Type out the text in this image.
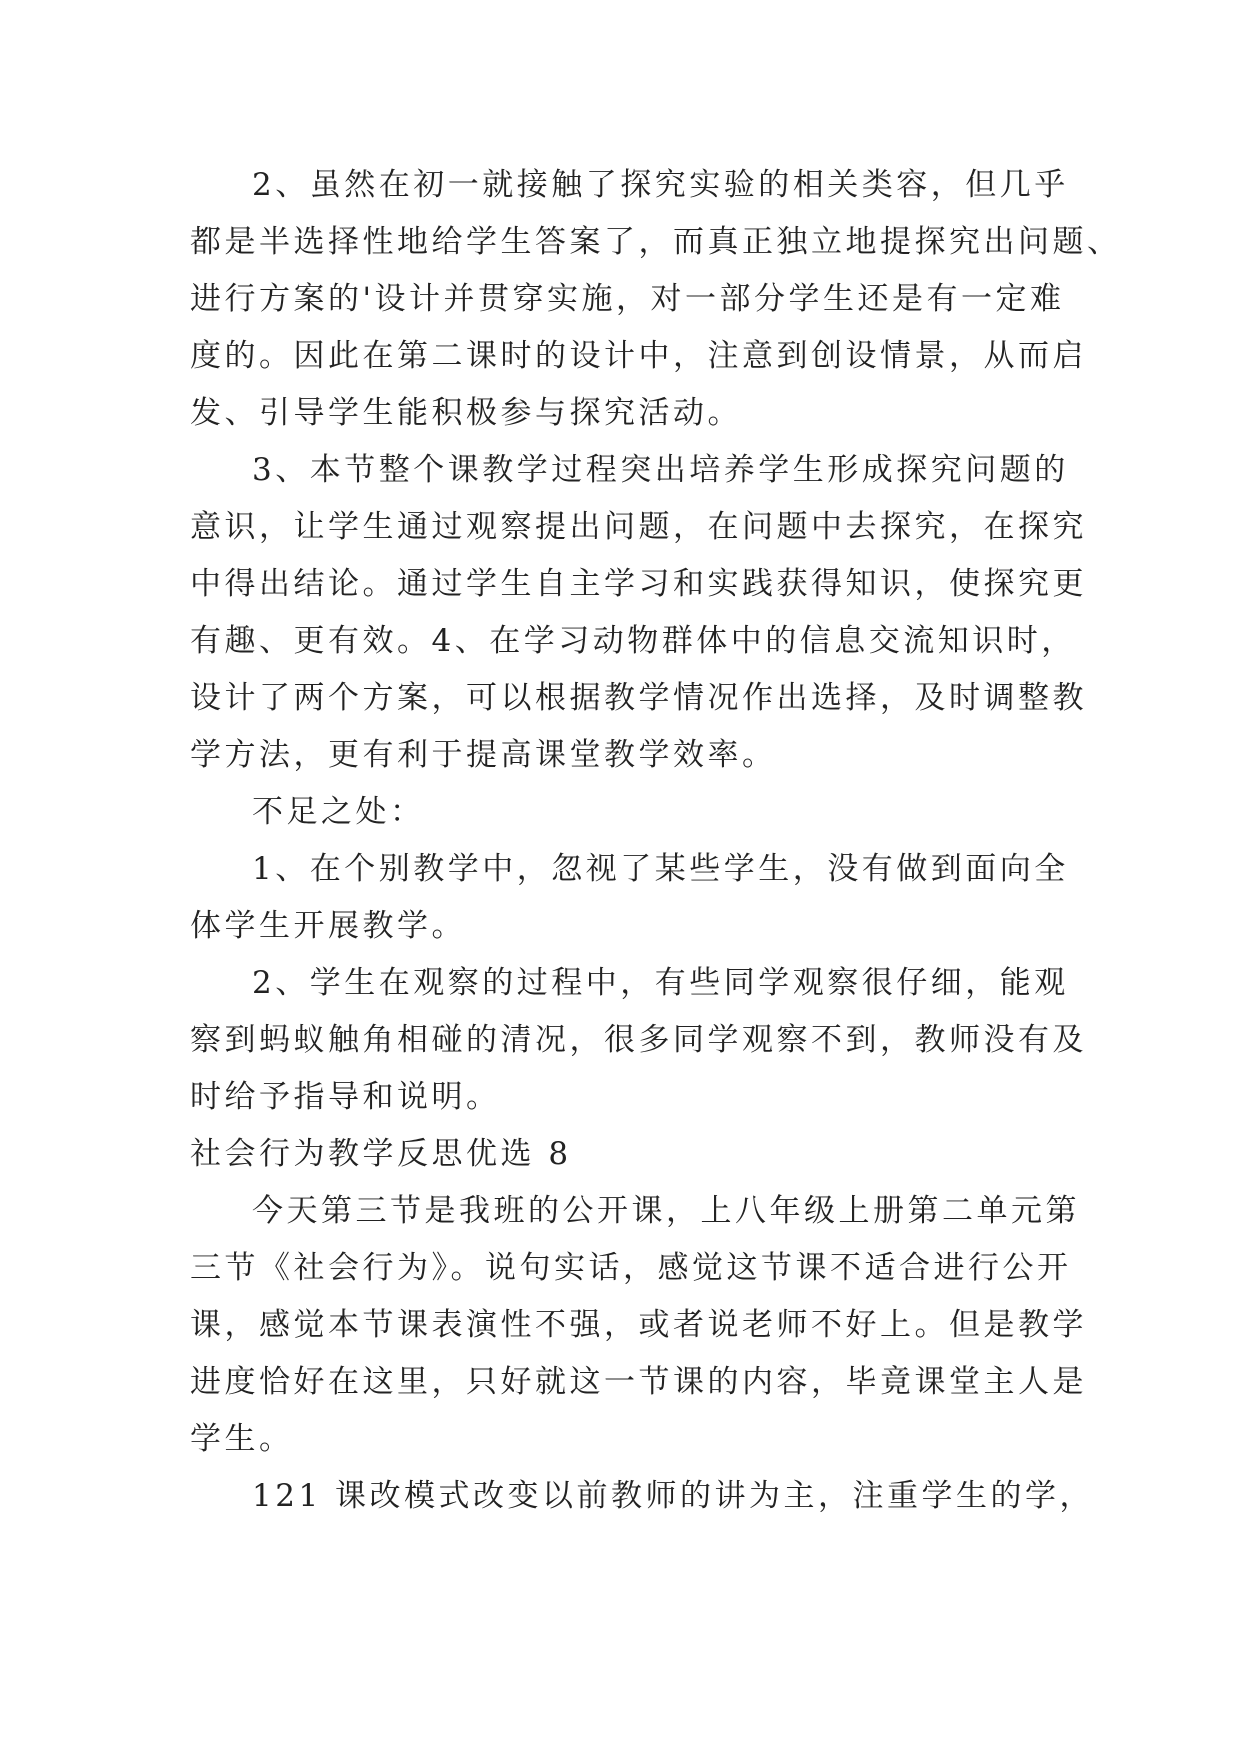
2、虽然在初一就接触了探究实验的相关类容，但几乎
都是半选择性地给学生答案了，而真正独立地提探究出问题、
进行方案的'设计并贯穿实施，对一部分学生还是有一定难
度的。因此在第二课时的设计中，注意到创设情景，从而启
发、引导学生能积极参与探究活动。
3、本节整个课教学过程突出培养学生形成探究问题的
意识，让学生通过观察提出问题，在问题中去探究，在探究
中得出结论。通过学生自主学习和实践获得知识，使探究更
有趣、更有效。4、在学习动物群体中的信息交流知识时，
设计了两个方案，可以根据教学情况作出选择，及时调整教
学方法，更有利于提高课堂教学效率。
不足之处：
1、在个别教学中，忽视了某些学生，没有做到面向全
体学生开展教学。
2、学生在观察的过程中，有些同学观察很仔细，能观
察到蚂蚁触角相碰的清况，很多同学观察不到，教师没有及
时给予指导和说明。
社会行为教学反思优选 8
今天第三节是我班的公开课，上八年级上册第二单元第
三节《社会行为》。说句实话，感觉这节课不适合进行公开
课，感觉本节课表演性不强，或者说老师不好上。但是教学
进度恰好在这里，只好就这一节课的内容，毕竟课堂主人是
学生。
121 课改模式改变以前教师的讲为主，注重学生的学，
